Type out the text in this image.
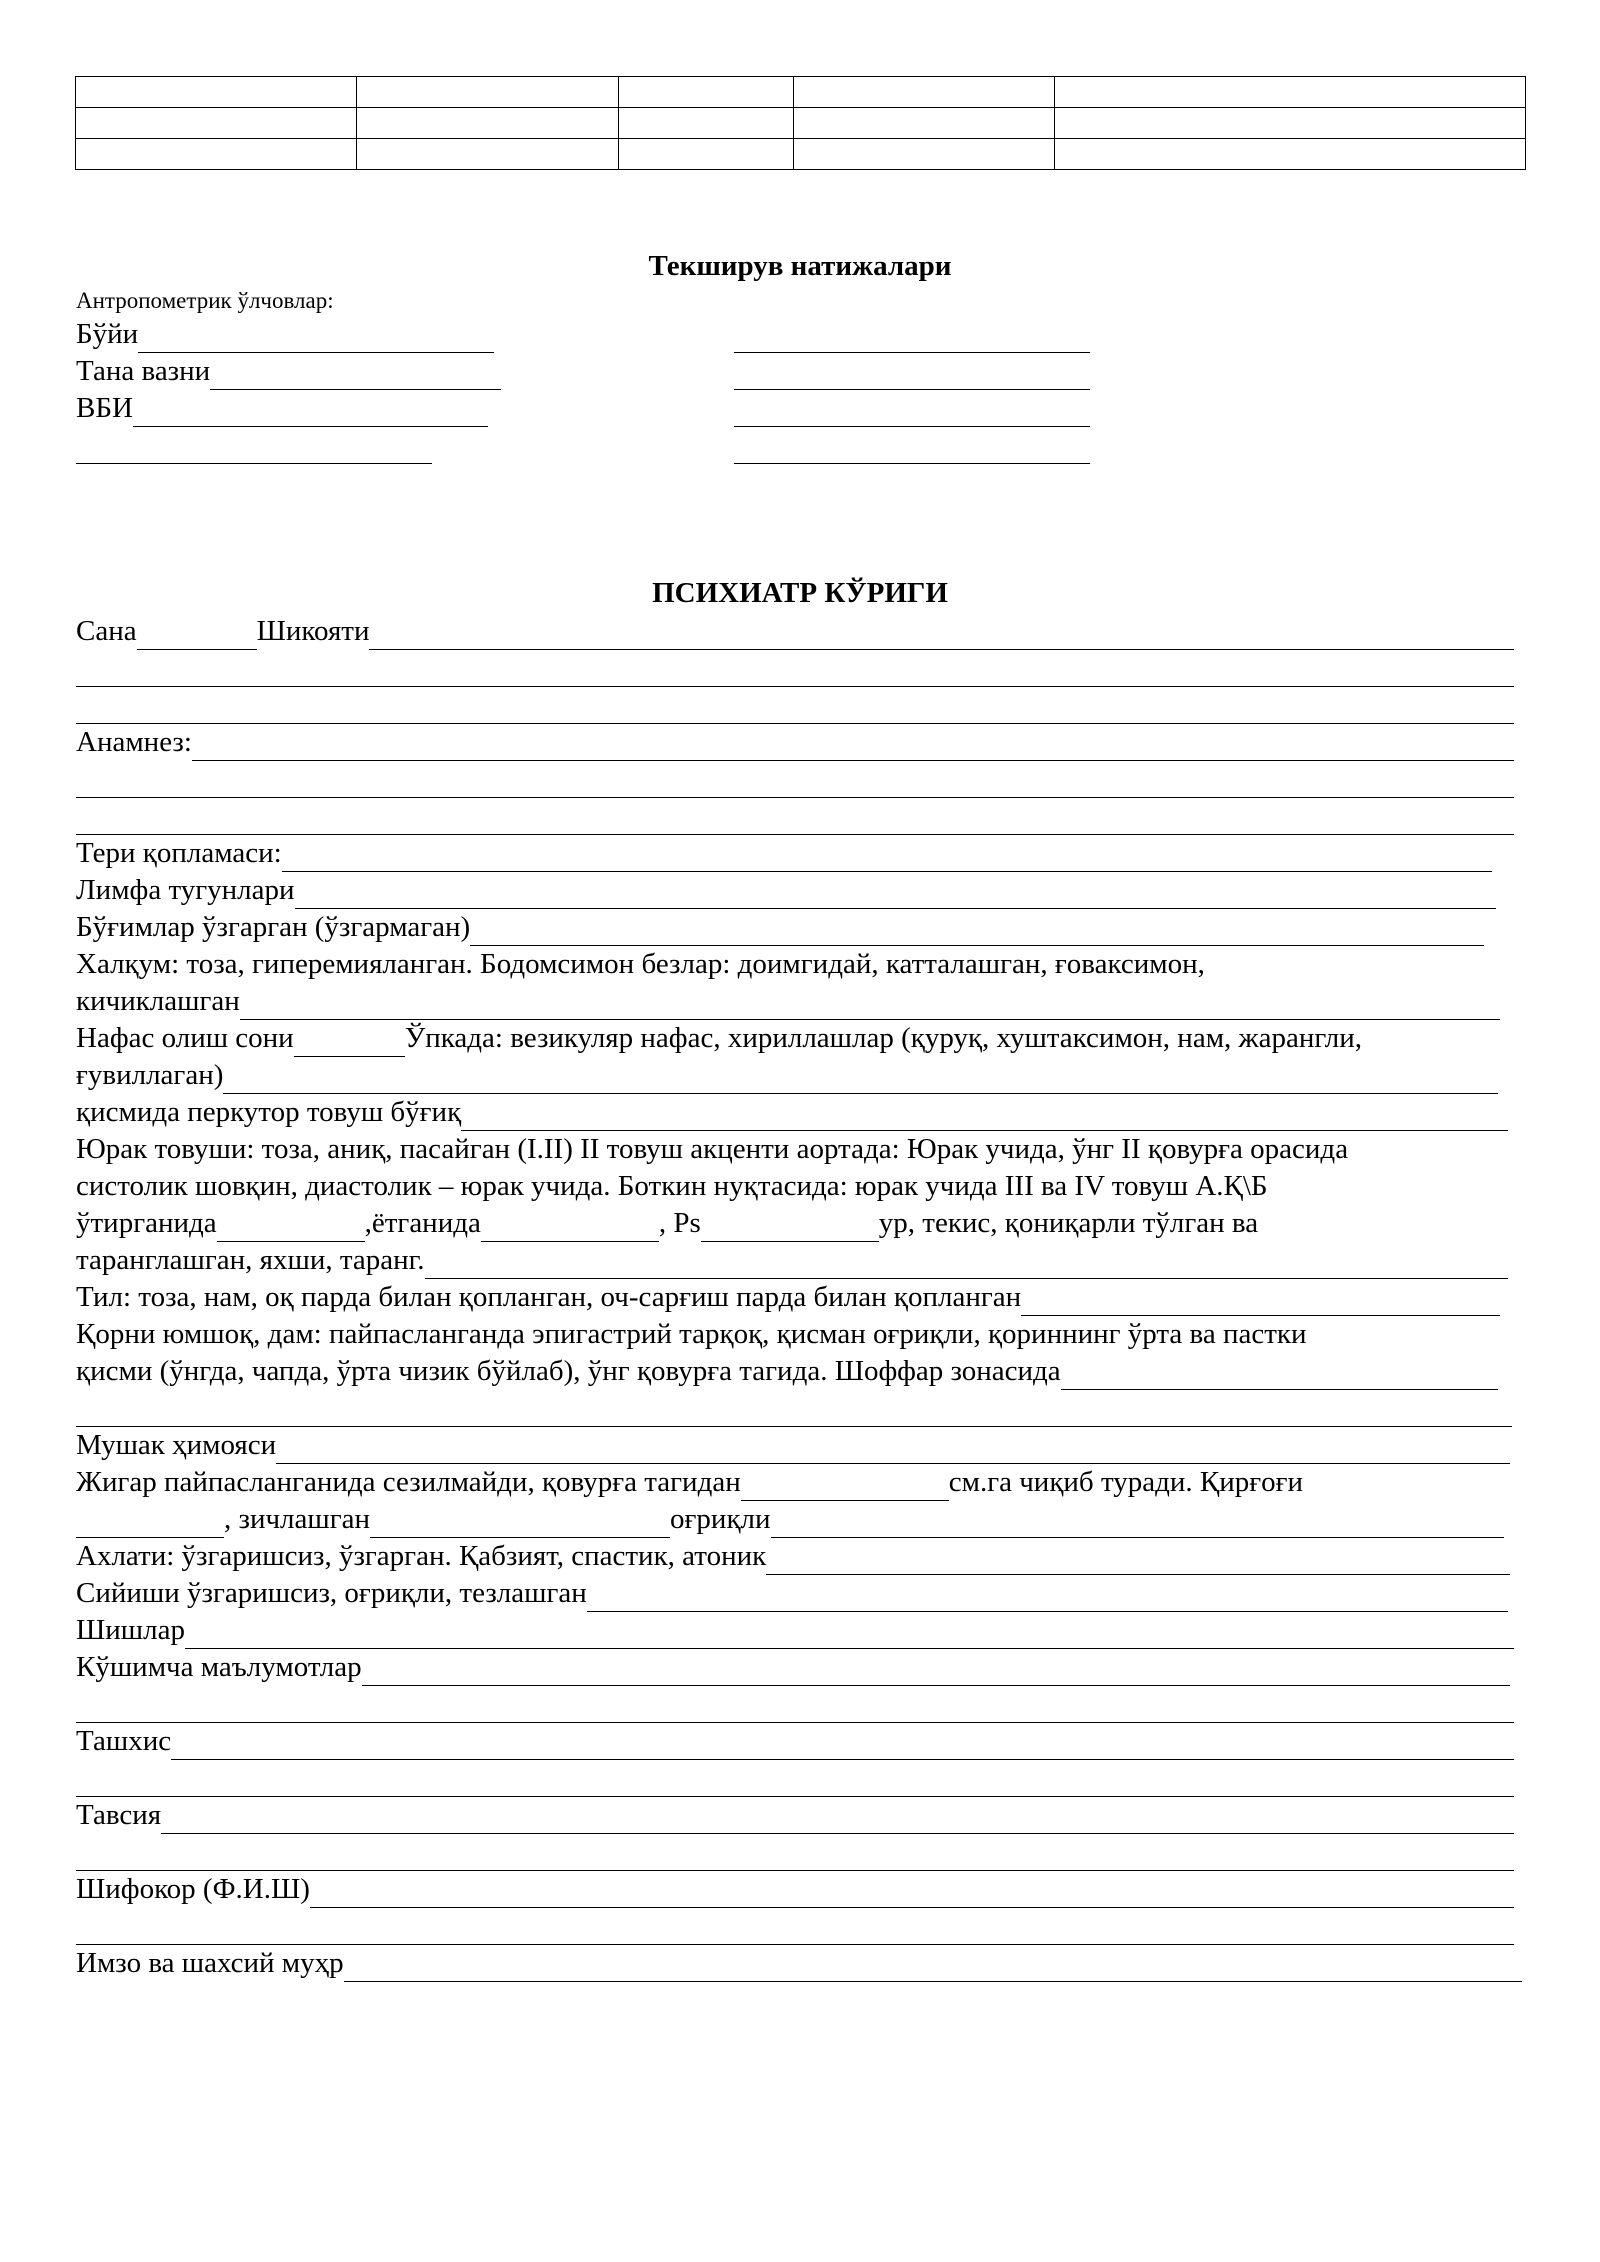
Текширув натижалари
Антропометрик ўлчовлар:
Бўйи
Тана вазни
ВБИ
ПСИХИАТР КЎРИГИ
Сана	Шикояти
Анамнез:
Тери қопламаси:
Лимфа тугунлари
Бўғимлар ўзгарган (ўзгармаган)
Халқум: тоза, гиперемияланган. Бодомсимон безлар: доимгидай, катталашган, ғоваксимон,
кичиклашган
Нафас олиш сони	Ўпкада: везикуляр нафас, хириллашлар (қуруқ, хуштаксимон, нам, жарангли,
ғувиллаган)
қисмида перкутор товуш бўғиқ
Юрак товуши: тоза, аниқ, пасайган (I.II) II товуш акценти аортада: Юрак учида, ўнг II қовурға орасида
систолик шовқин, диастолик – юрак учида. Боткин нуқтасида: юрак учида III ва IV товуш А.Қ\Б
ўтирганида	,ётганида	, Ps	ур, текис, қониқарли тўлган ва
таранглашган, яхши, таранг.
Тил: тоза, нам, оқ парда билан қопланган, оч-сарғиш парда билан қопланган
Қорни юмшоқ, дам: пайпасланганда эпигастрий тарқоқ, қисман оғриқли, қориннинг ўрта ва пастки
қисми (ўнгда, чапда, ўрта чизик бўйлаб), ўнг қовурға тагида. Шоффар зонасида
Мушак ҳимояси
Жигар пайпасланганида сезилмайди, қовурға тагидан	см.га чиқиб туради. Қирғоғи
, зичлашган	оғриқли
Ахлати: ўзгаришсиз, ўзгарган. Қабзият, спастик, атоник
Сийиши ўзгаришсиз, оғриқли, тезлашган
Шишлар
Кўшимча маълумотлар
Ташхис
Тавсия
Шифокор (Ф.И.Ш)
Имзо ва шахсий муҳр
